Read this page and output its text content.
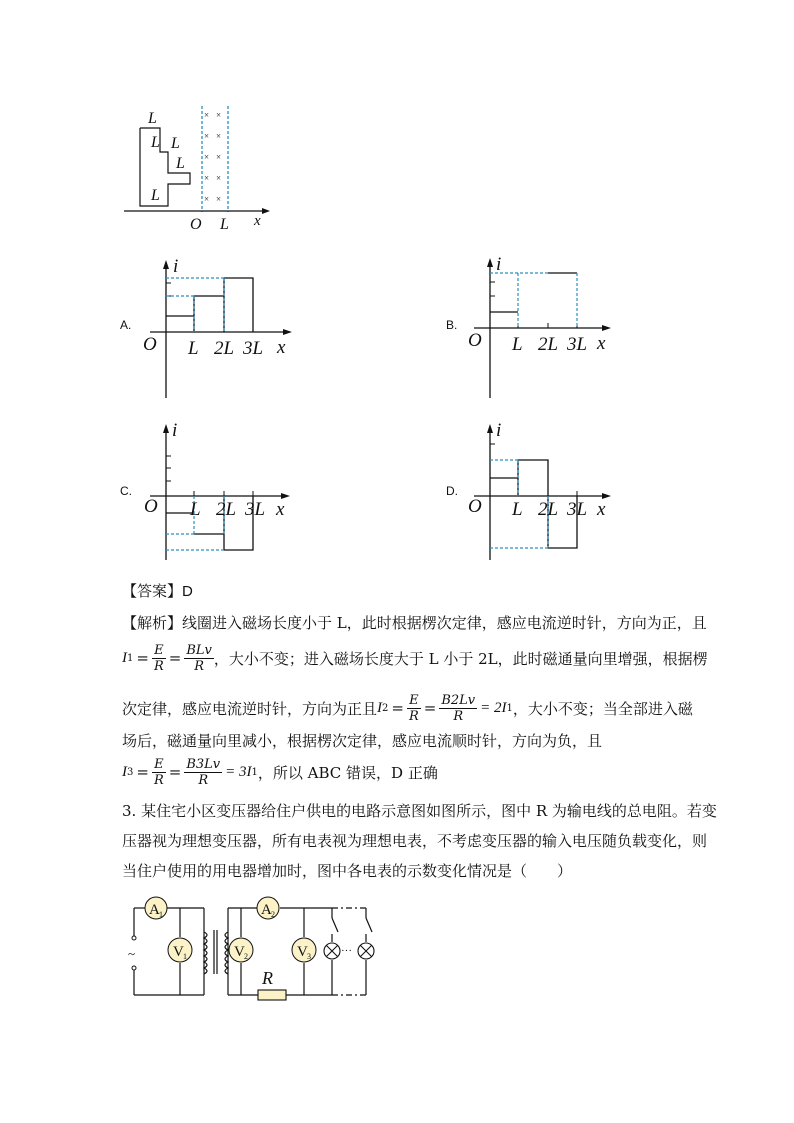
× ×
× ×
× ×
× ×
× ×
L
L L
L
L
O L x
A.
i
O L 2L 3L x
B.
i
O L 2L 3L x
C.
i
O L 2L 3L x
D.
i
O L 2L 3L x
【答案】D
【解析】线圈进入磁场长度小于 L，此时根据楞次定律，感应电流逆时针，方向为正，且
I $1 = \frac{E}{R} = \frac{\text{BLv}}{R}$ ，大小不变；进入磁场长度大于 L 小于 2L，此时磁通量向里增强，根据楞
次定律，感应电流逆时针，方向为正且 I $2 = \frac{E}{R} = \frac{B2Lv}{R} = 2I$ 1 ，大小不变；当全部进入磁
场后，磁通量向里减小，根据楞次定律，感应电流顺时针，方向为负，且
I $3 = \frac{E}{R} = \frac{B3Lv}{R} = 3I$ 1 ，所以 ABC 错误，D 正确
3. 某住宅小区变压器给住户供电的电路示意图如图所示，图中 R 为输电线的总电阻。若变
压器视为理想变压器，所有电表视为理想电表，不考虑变压器的输入电压随负载变化，则
当住户使用的用电器增加时，图中各电表的示数变化情况是（　　）
~
A 1
V 1
A 2
V 2	V 3	···
R
